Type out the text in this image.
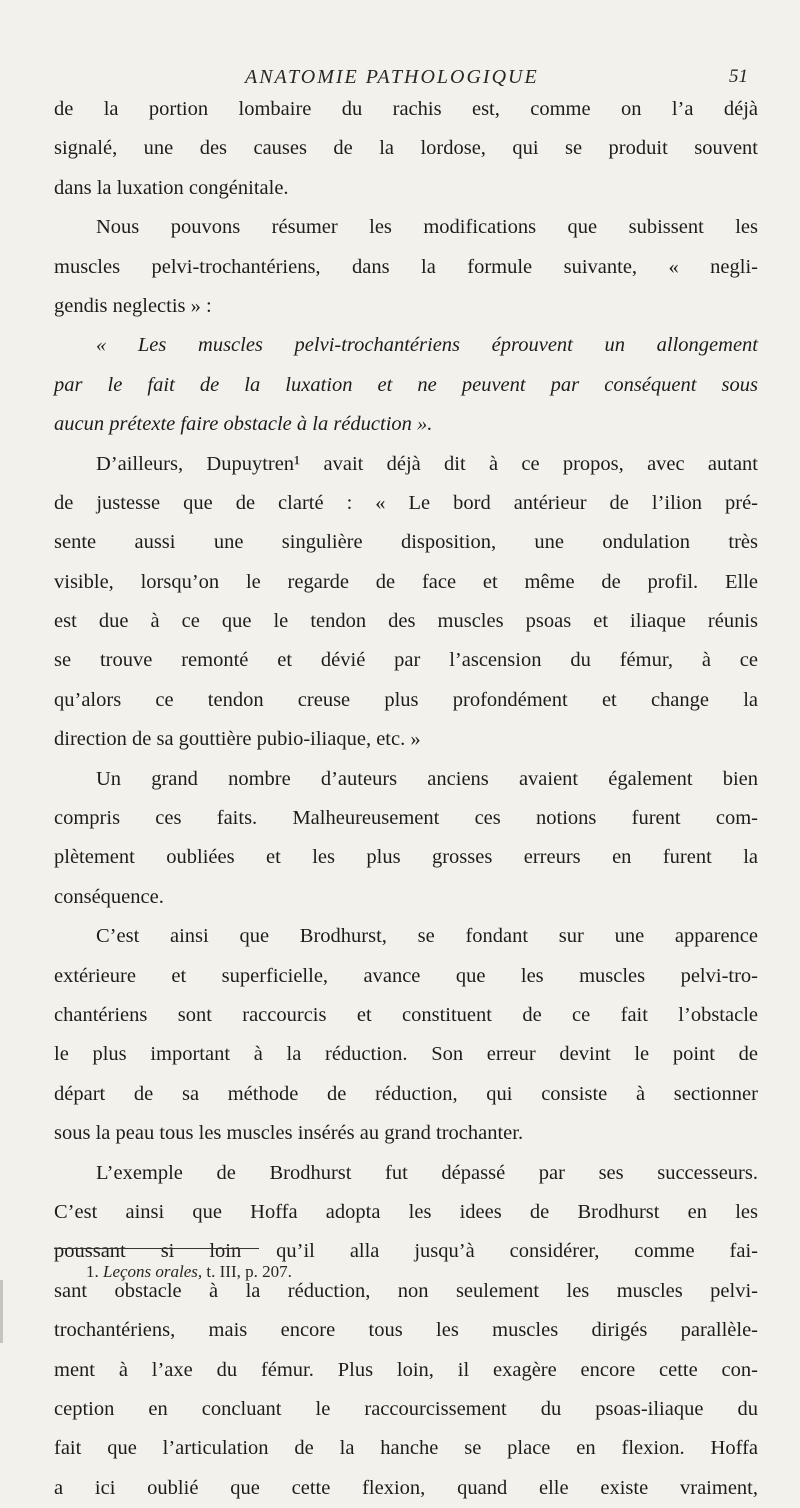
ANATOMIE PATHOLOGIQUE	51
de la portion lombaire du rachis est, comme on l’a déjà
signalé, une des causes de la lordose, qui se produit souvent
dans la luxation congénitale.
Nous pouvons résumer les modifications que subissent les
muscles pelvi-trochantériens, dans la formule suivante, « negli-
gendis neglectis » :
« Les muscles pelvi-trochantériens éprouvent un allongement
par le fait de la luxation et ne peuvent par conséquent sous
aucun prétexte faire obstacle à la réduction ».
D’ailleurs, Dupuytren¹ avait déjà dit à ce propos, avec autant
de justesse que de clarté : « Le bord antérieur de l’ilion pré-
sente aussi une singulière disposition, une ondulation très
visible, lorsqu’on le regarde de face et même de profil. Elle
est due à ce que le tendon des muscles psoas et iliaque réunis
se trouve remonté et dévié par l’ascension du fémur, à ce
qu’alors ce tendon creuse plus profondément et change la
direction de sa gouttière pubio-iliaque, etc. »
Un grand nombre d’auteurs anciens avaient également bien
compris ces faits. Malheureusement ces notions furent com-
plètement oubliées et les plus grosses erreurs en furent la
conséquence.
C’est ainsi que Brodhurst, se fondant sur une apparence
extérieure et superficielle, avance que les muscles pelvi-tro-
chantériens sont raccourcis et constituent de ce fait l’obstacle
le plus important à la réduction. Son erreur devint le point de
départ de sa méthode de réduction, qui consiste à sectionner
sous la peau tous les muscles insérés au grand trochanter.
L’exemple de Brodhurst fut dépassé par ses successeurs.
C’est ainsi que Hoffa adopta les idees de Brodhurst en les
poussant si loin qu’il alla jusqu’à considérer, comme fai-
sant obstacle à la réduction, non seulement les muscles pelvi-
trochantériens, mais encore tous les muscles dirigés parallèle-
ment à l’axe du fémur. Plus loin, il exagère encore cette con-
ception en concluant le raccourcissement du psoas-iliaque du
fait que l’articulation de la hanche se place en flexion. Hoffa
a ici oublié que cette flexion, quand elle existe vraiment,
1. Leçons orales, t. III, p. 207.
